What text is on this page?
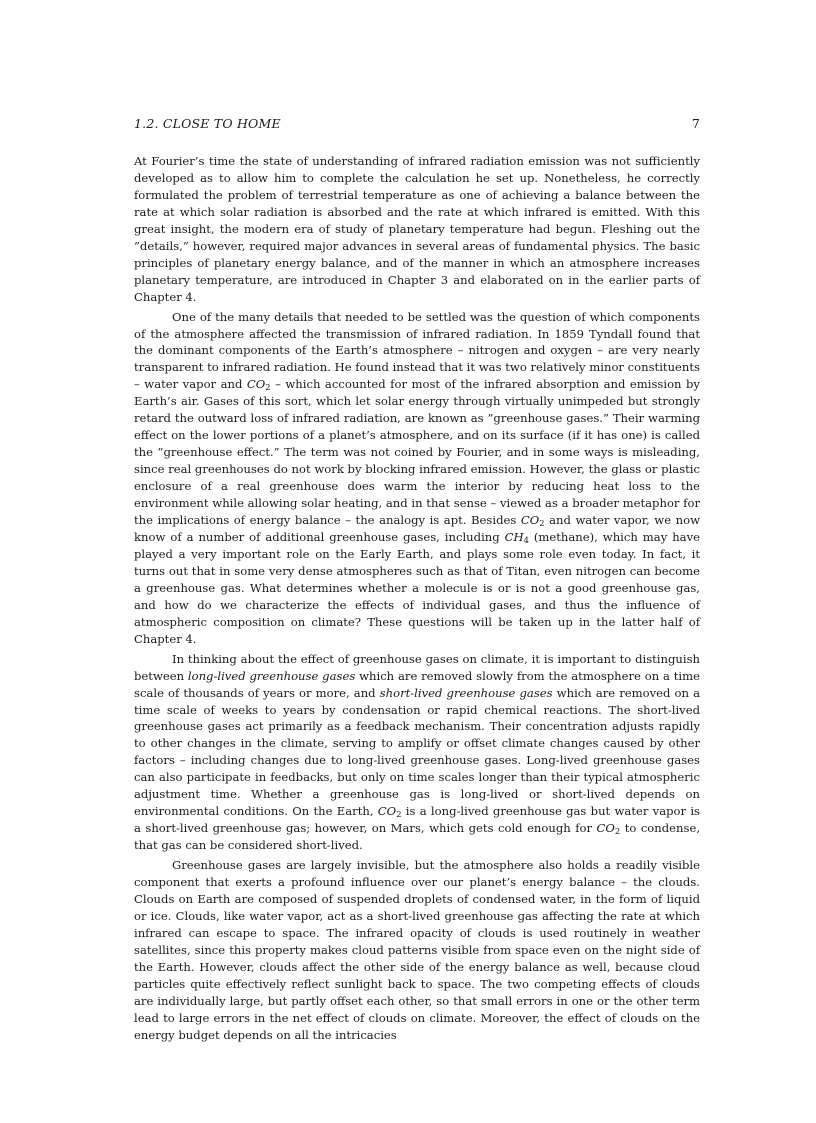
1.2. CLOSE TO HOME	7

At Fourier’s time the state of understanding of infrared radiation emission was not sufficiently developed as to allow him to complete the calculation he set up. Nonetheless, he correctly formulated the problem of terrestrial temperature as one of achieving a balance between the rate at which solar radiation is absorbed and the rate at which infrared is emitted. With this great insight, the modern era of study of planetary temperature had begun. Fleshing out the ”details,” however, required major advances in several areas of fundamental physics. The basic principles of planetary energy balance, and of the manner in which an atmosphere increases planetary temperature, are introduced in Chapter 3 and elaborated on in the earlier parts of Chapter 4.

One of the many details that needed to be settled was the question of which components of the atmosphere affected the transmission of infrared radiation. In 1859 Tyndall found that the dominant components of the Earth’s atmosphere – nitrogen and oxygen – are very nearly transparent to infrared radiation. He found instead that it was two relatively minor constituents – water vapor and $CO_2$ – which accounted for most of the infrared absorption and emission by Earth’s air. Gases of this sort, which let solar energy through virtually unimpeded but strongly retard the outward loss of infrared radiation, are known as ”greenhouse gases.” Their warming effect on the lower portions of a planet’s atmosphere, and on its surface (if it has one) is called the ”greenhouse effect.” The term was not coined by Fourier, and in some ways is misleading, since real greenhouses do not work by blocking infrared emission. However, the glass or plastic enclosure of a real greenhouse does warm the interior by reducing heat loss to the environment while allowing solar heating, and in that sense – viewed as a broader metaphor for the implications of energy balance – the analogy is apt. Besides $CO_2$ and water vapor, we now know of a number of additional greenhouse gases, including $CH_4$ (methane), which may have played a very important role on the Early Earth, and plays some role even today. In fact, it turns out that in some very dense atmospheres such as that of Titan, even nitrogen can become a greenhouse gas. What determines whether a molecule is or is not a good greenhouse gas, and how do we characterize the effects of individual gases, and thus the influence of atmospheric composition on climate? These questions will be taken up in the latter half of Chapter 4.

In thinking about the effect of greenhouse gases on climate, it is important to distinguish between long-lived greenhouse gases which are removed slowly from the atmosphere on a time scale of thousands of years or more, and short-lived greenhouse gases which are removed on a time scale of weeks to years by condensation or rapid chemical reactions. The short-lived greenhouse gases act primarily as a feedback mechanism. Their concentration adjusts rapidly to other changes in the climate, serving to amplify or offset climate changes caused by other factors – including changes due to long-lived greenhouse gases. Long-lived greenhouse gases can also participate in feedbacks, but only on time scales longer than their typical atmospheric adjustment time. Whether a greenhouse gas is long-lived or short-lived depends on environmental conditions. On the Earth, $CO_2$ is a long-lived greenhouse gas but water vapor is a short-lived greenhouse gas; however, on Mars, which gets cold enough for $CO_2$ to condense, that gas can be considered short-lived.

Greenhouse gases are largely invisible, but the atmosphere also holds a readily visible component that exerts a profound influence over our planet’s energy balance – the clouds. Clouds on Earth are composed of suspended droplets of condensed water, in the form of liquid or ice. Clouds, like water vapor, act as a short-lived greenhouse gas affecting the rate at which infrared can escape to space. The infrared opacity of clouds is used routinely in weather satellites, since this property makes cloud patterns visible from space even on the night side of the Earth. However, clouds affect the other side of the energy balance as well, because cloud particles quite effectively reflect sunlight back to space. The two competing effects of clouds are individually large, but partly offset each other, so that small errors in one or the other term lead to large errors in the net effect of clouds on climate. Moreover, the effect of clouds on the energy budget depends on all the intricacies
